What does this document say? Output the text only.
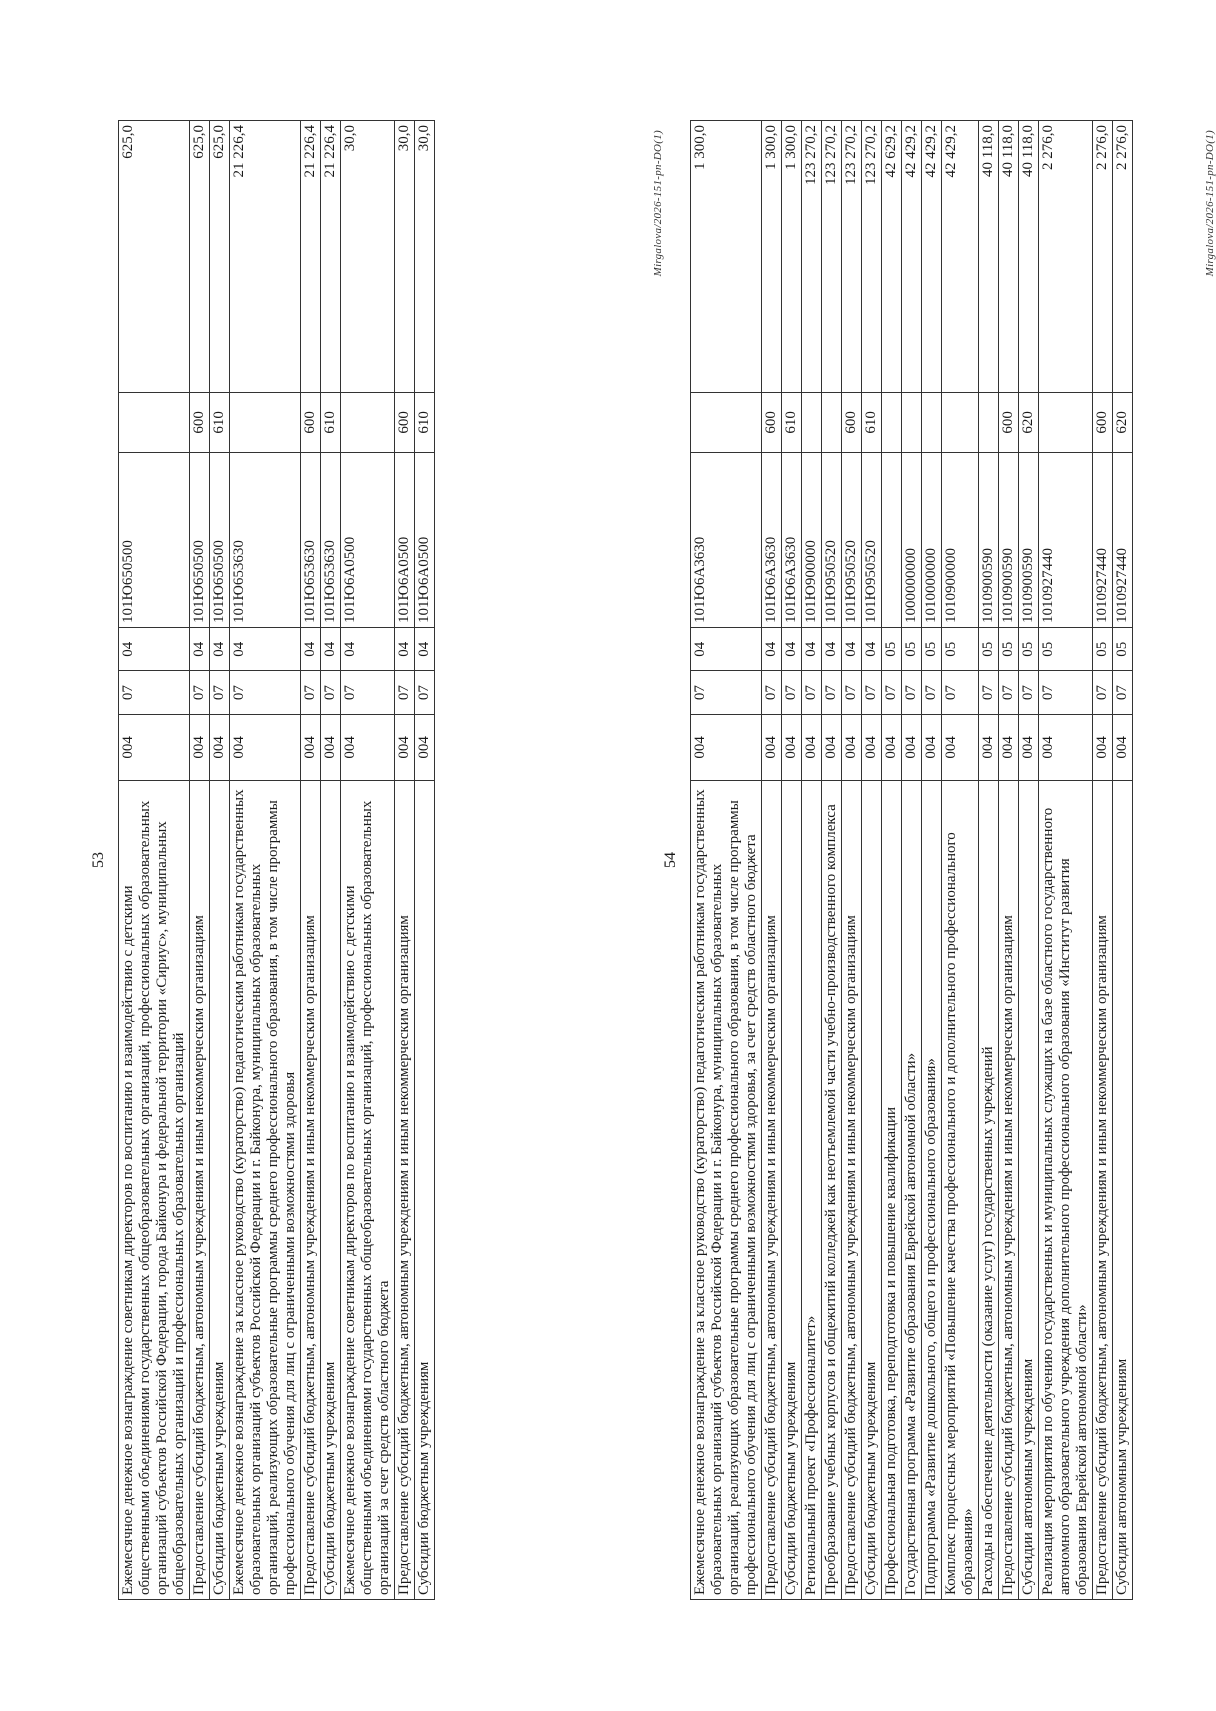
53
Ежемесячное денежное вознаграждение советникам директоров по воспитанию и взаимодействию с детскими общественными объединениями государственных общеобразовательных организаций, профессиональных образовательных организаций субъектов Российской Федерации, города Байконура и федеральной территории «Сириус», муниципальных общеобразовательных организаций и профессиональных образовательных организаций	004	07	04	101Ю650500		625,0
Предоставление субсидий бюджетным, автономным учреждениям и иным некоммерческим организациям	004	07	04	101Ю650500	600	625,0
Субсидии бюджетным учреждениям	004	07	04	101Ю650500	610	625,0
Ежемесячное денежное вознаграждение за классное руководство (кураторство) педагогическим работникам государственных образовательных организаций субъектов Российской Федерации и г. Байконура, муниципальных образовательных организаций, реализующих образовательные программы среднего профессионального образования, в том числе программы профессионального обучения для лиц с ограниченными возможностями здоровья	004	07	04	101Ю653630		21 226,4
Предоставление субсидий бюджетным, автономным учреждениям и иным некоммерческим организациям	004	07	04	101Ю653630	600	21 226,4
Субсидии бюджетным учреждениям	004	07	04	101Ю653630	610	21 226,4
Ежемесячное денежное вознаграждение советникам директоров по воспитанию и взаимодействию с детскими общественными объединениями государственных общеобразовательных организаций, профессиональных образовательных организаций за счет средств областного бюджета	004	07	04	101Ю6А0500		30,0
Предоставление субсидий бюджетным, автономным учреждениям и иным некоммерческим организациям	004	07	04	101Ю6А0500	600	30,0
Субсидии бюджетным учреждениям	004	07	04	101Ю6А0500	610	30,0	Mirgalova/2026-151-pn-DO(1)
54 Ежемесячное денежное вознаграждение за классное руководство (кураторство) педагогическим работникам государственных образовательных организаций субъектов Российской Федерации и г. Байконура, муниципальных образовательных организаций, реализующих образовательные программы среднего профессионального образования, в том числе программы профессионального обучения для лиц с ограниченными возможностями здоровья, за счет средств областного бюджета	004	07	04	101Ю6А3630		1 300,0
Предоставление субсидий бюджетным, автономным учреждениям и иным некоммерческим организациям	004	07	04	101Ю6А3630	600	1 300,0
Субсидии бюджетным учреждениям	004	07	04	101Ю6А3630	610	1 300,0
Региональный проект «Профессионалитет»	004	07	04	101Ю900000		123 270,2
Преобразование учебных корпусов и общежитий колледжей как неотъемлемой части учебно-производственного комплекса	004	07	04	101Ю950520		123 270,2
Предоставление субсидий бюджетным, автономным учреждениям и иным некоммерческим организациям	004	07	04	101Ю950520	600	123 270,2
Субсидии бюджетным учреждениям	004	07	04	101Ю950520	610	123 270,2
Профессиональная подготовка, переподготовка и повышение квалификации	004	07	05			42 629,2
Государственная программа «Развитие образования Еврейской автономной области»	004	07	05	1000000000		42 429,2
Подпрограмма «Развитие дошкольного, общего и профессионального образования»	004	07	05	1010000000		42 429,2
Комплекс процессных мероприятий «Повышение качества профессионального и дополнительного профессионального образования»	004	07	05	1010900000		42 429,2
Расходы на обеспечение деятельности (оказание услуг) государственных учреждений	004	07	05	1010900590		40 118,0
Предоставление субсидий бюджетным, автономным учреждениям и иным некоммерческим организациям	004	07	05	1010900590	600	40 118,0
Субсидии автономным учреждениям	004	07	05	1010900590	620	40 118,0
Реализация мероприятия по обучению государственных и муниципальных служащих на базе областного государственного автономного образовательного учреждения дополнительного профессионального образования «Институт развития образования Еврейской автономной области»	004	07	05	1010927440		2 276,0
Предоставление субсидий бюджетным, автономным учреждениям и иным некоммерческим организациям	004	07	05	1010927440	600	2 276,0
Субсидии автономным учреждениям	004	07	05	1010927440	620	2 276,0	Mirgalova/2026-151-pn-DO(1)
